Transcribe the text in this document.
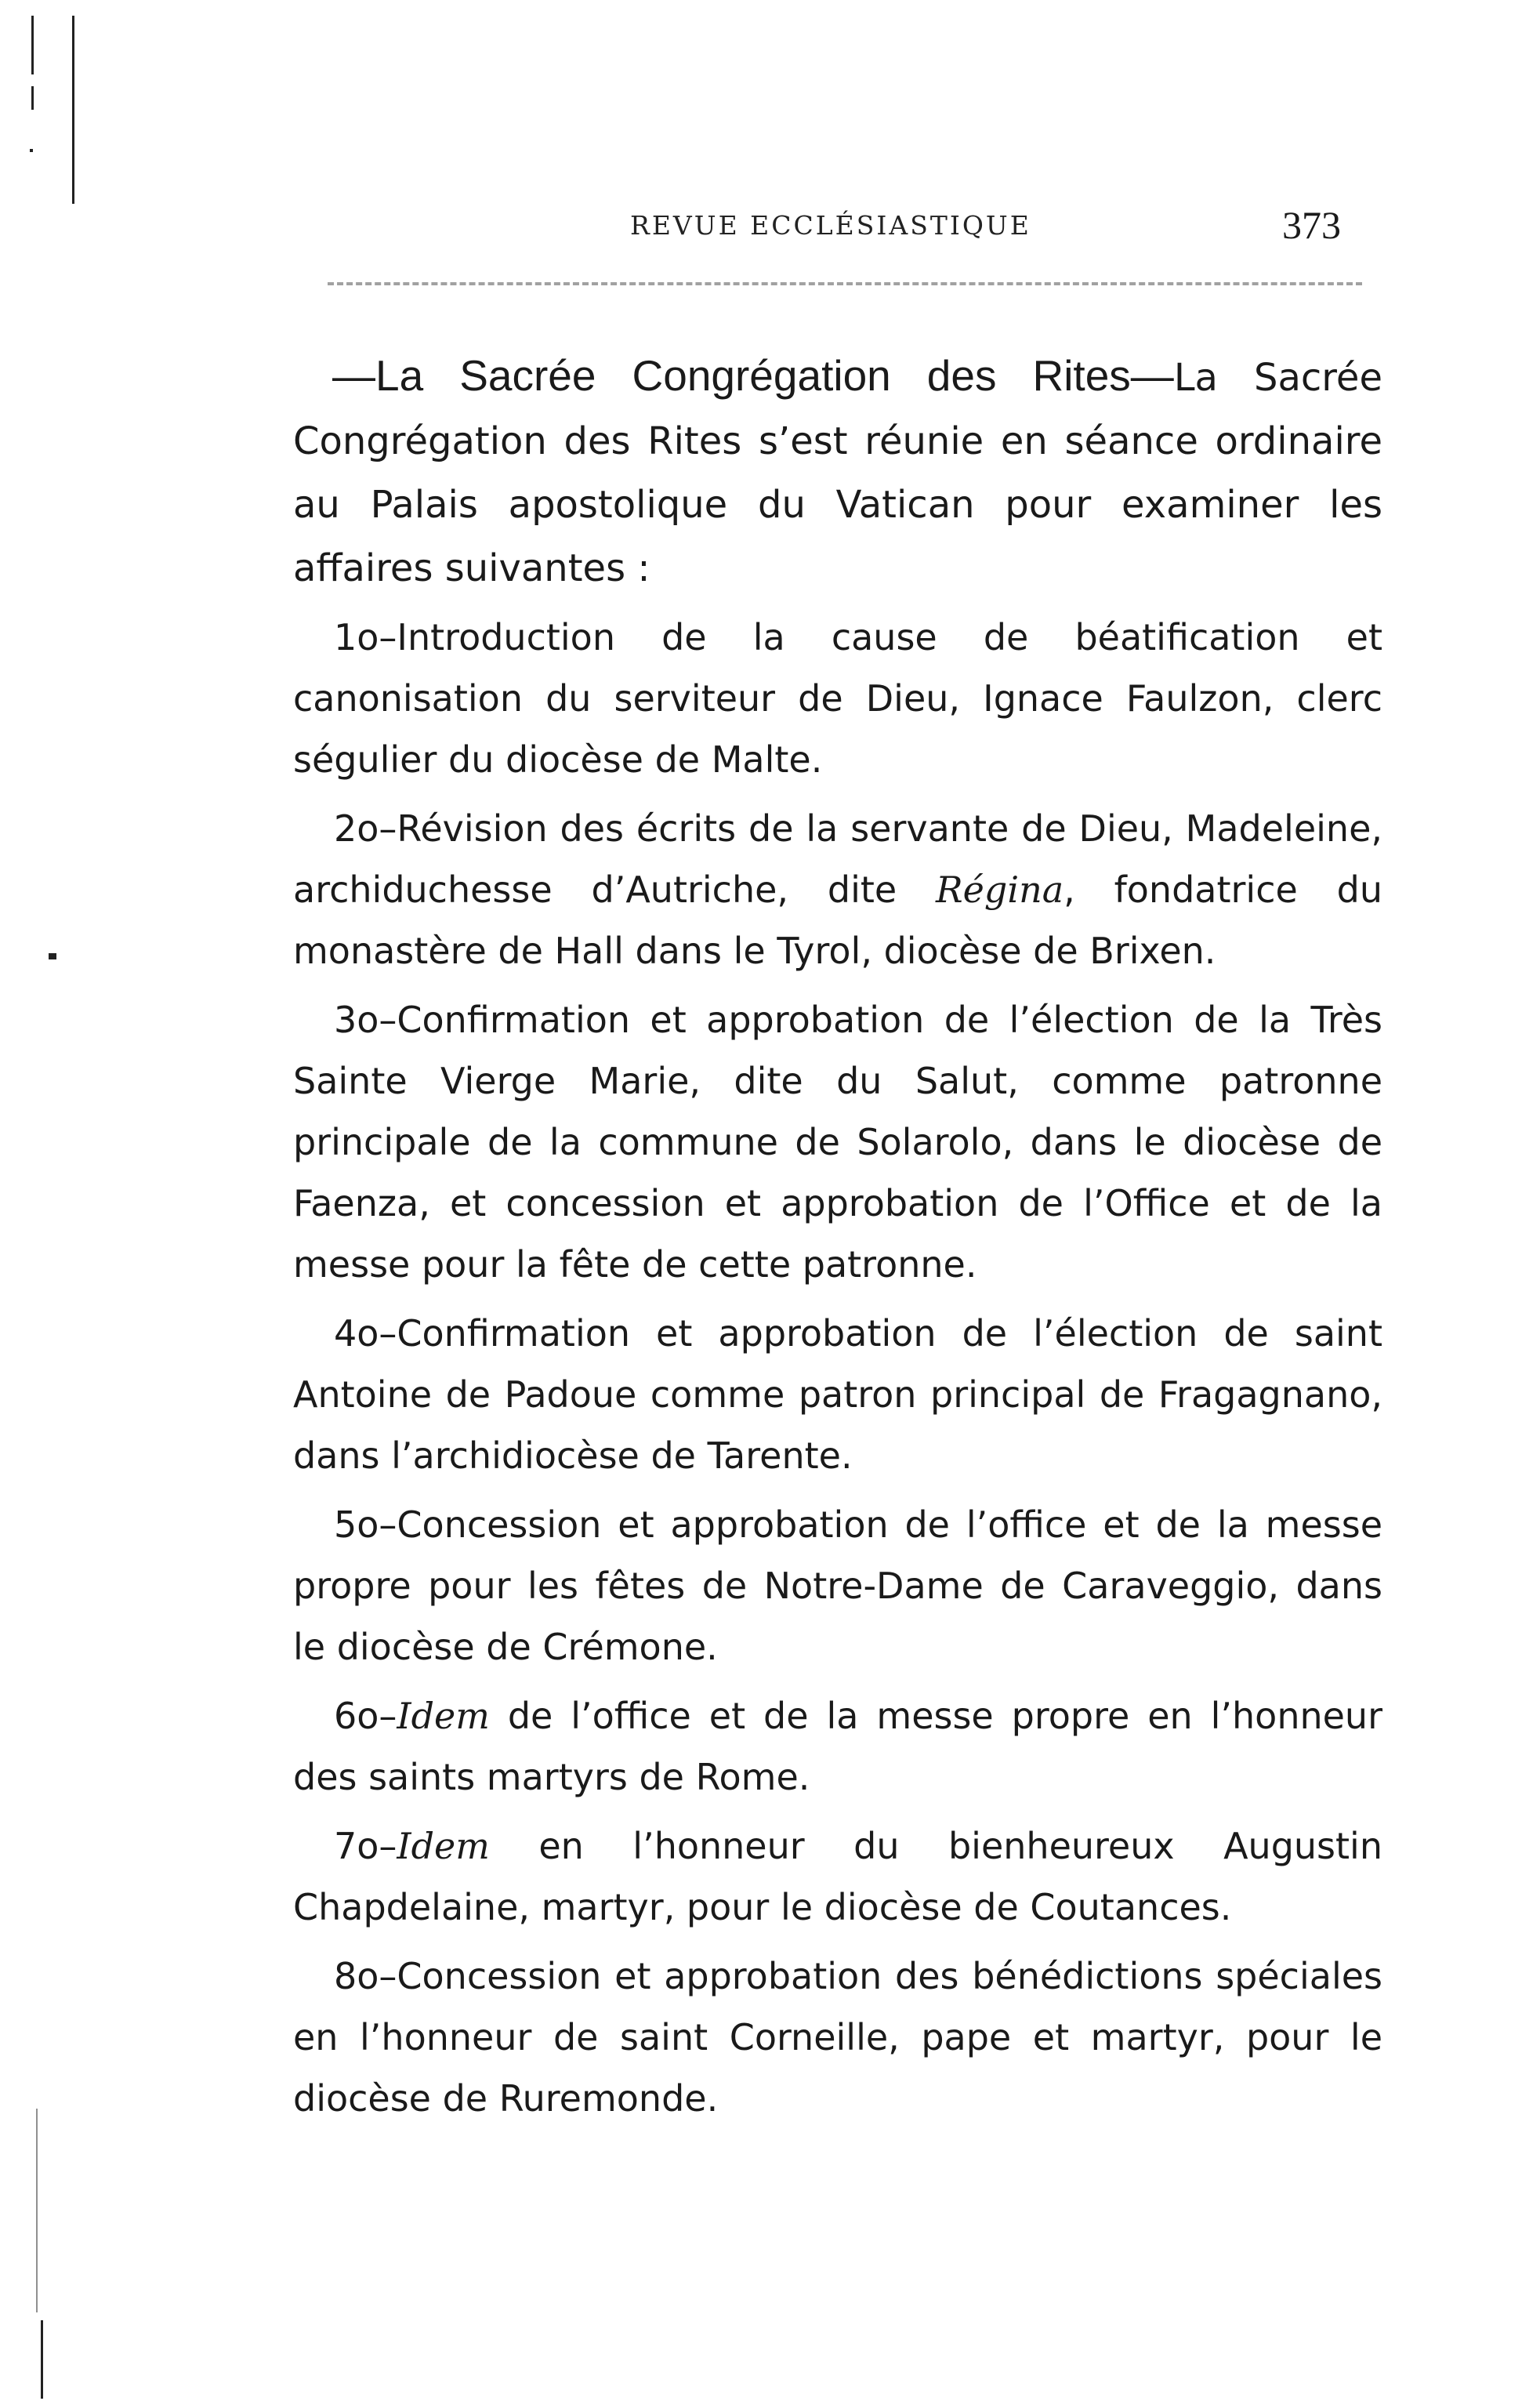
REVUE ECCLÉSIASTIQUE	373

—La Sacrée Congrégation des Rites—La Sacrée Congrégation des Rites s’est réunie en séance ordinaire au Palais apostolique du Vatican pour examiner les affaires suivantes :

1o–Introduction de la cause de béatification et canonisation du serviteur de Dieu, Ignace Faulzon, clerc ségulier du diocèse de Malte.

2o–Révision des écrits de la servante de Dieu, Madeleine, archiduchesse d’Autriche, dite Régina, fondatrice du monastère de Hall dans le Tyrol, diocèse de Brixen.

3o–Confirmation et approbation de l’élection de la Très Sainte Vierge Marie, dite du Salut, comme patronne principale de la commune de Solarolo, dans le diocèse de Faenza, et concession et approbation de l’Office et de la messe pour la fête de cette patronne.

4o–Confirmation et approbation de l’élection de saint Antoine de Padoue comme patron principal de Fragagnano, dans l’archidiocèse de Tarente.

5o–Concession et approbation de l’office et de la messe propre pour les fêtes de Notre-Dame de Caraveggio, dans le diocèse de Crémone.

6o–Idem de l’office et de la messe propre en l’honneur des saints martyrs de Rome.

7o–Idem en l’honneur du bienheureux Augustin Chapdelaine, martyr, pour le diocèse de Coutances.

8o–Concession et approbation des bénédictions spéciales en l’honneur de saint Corneille, pape et martyr, pour le diocèse de Ruremonde.
